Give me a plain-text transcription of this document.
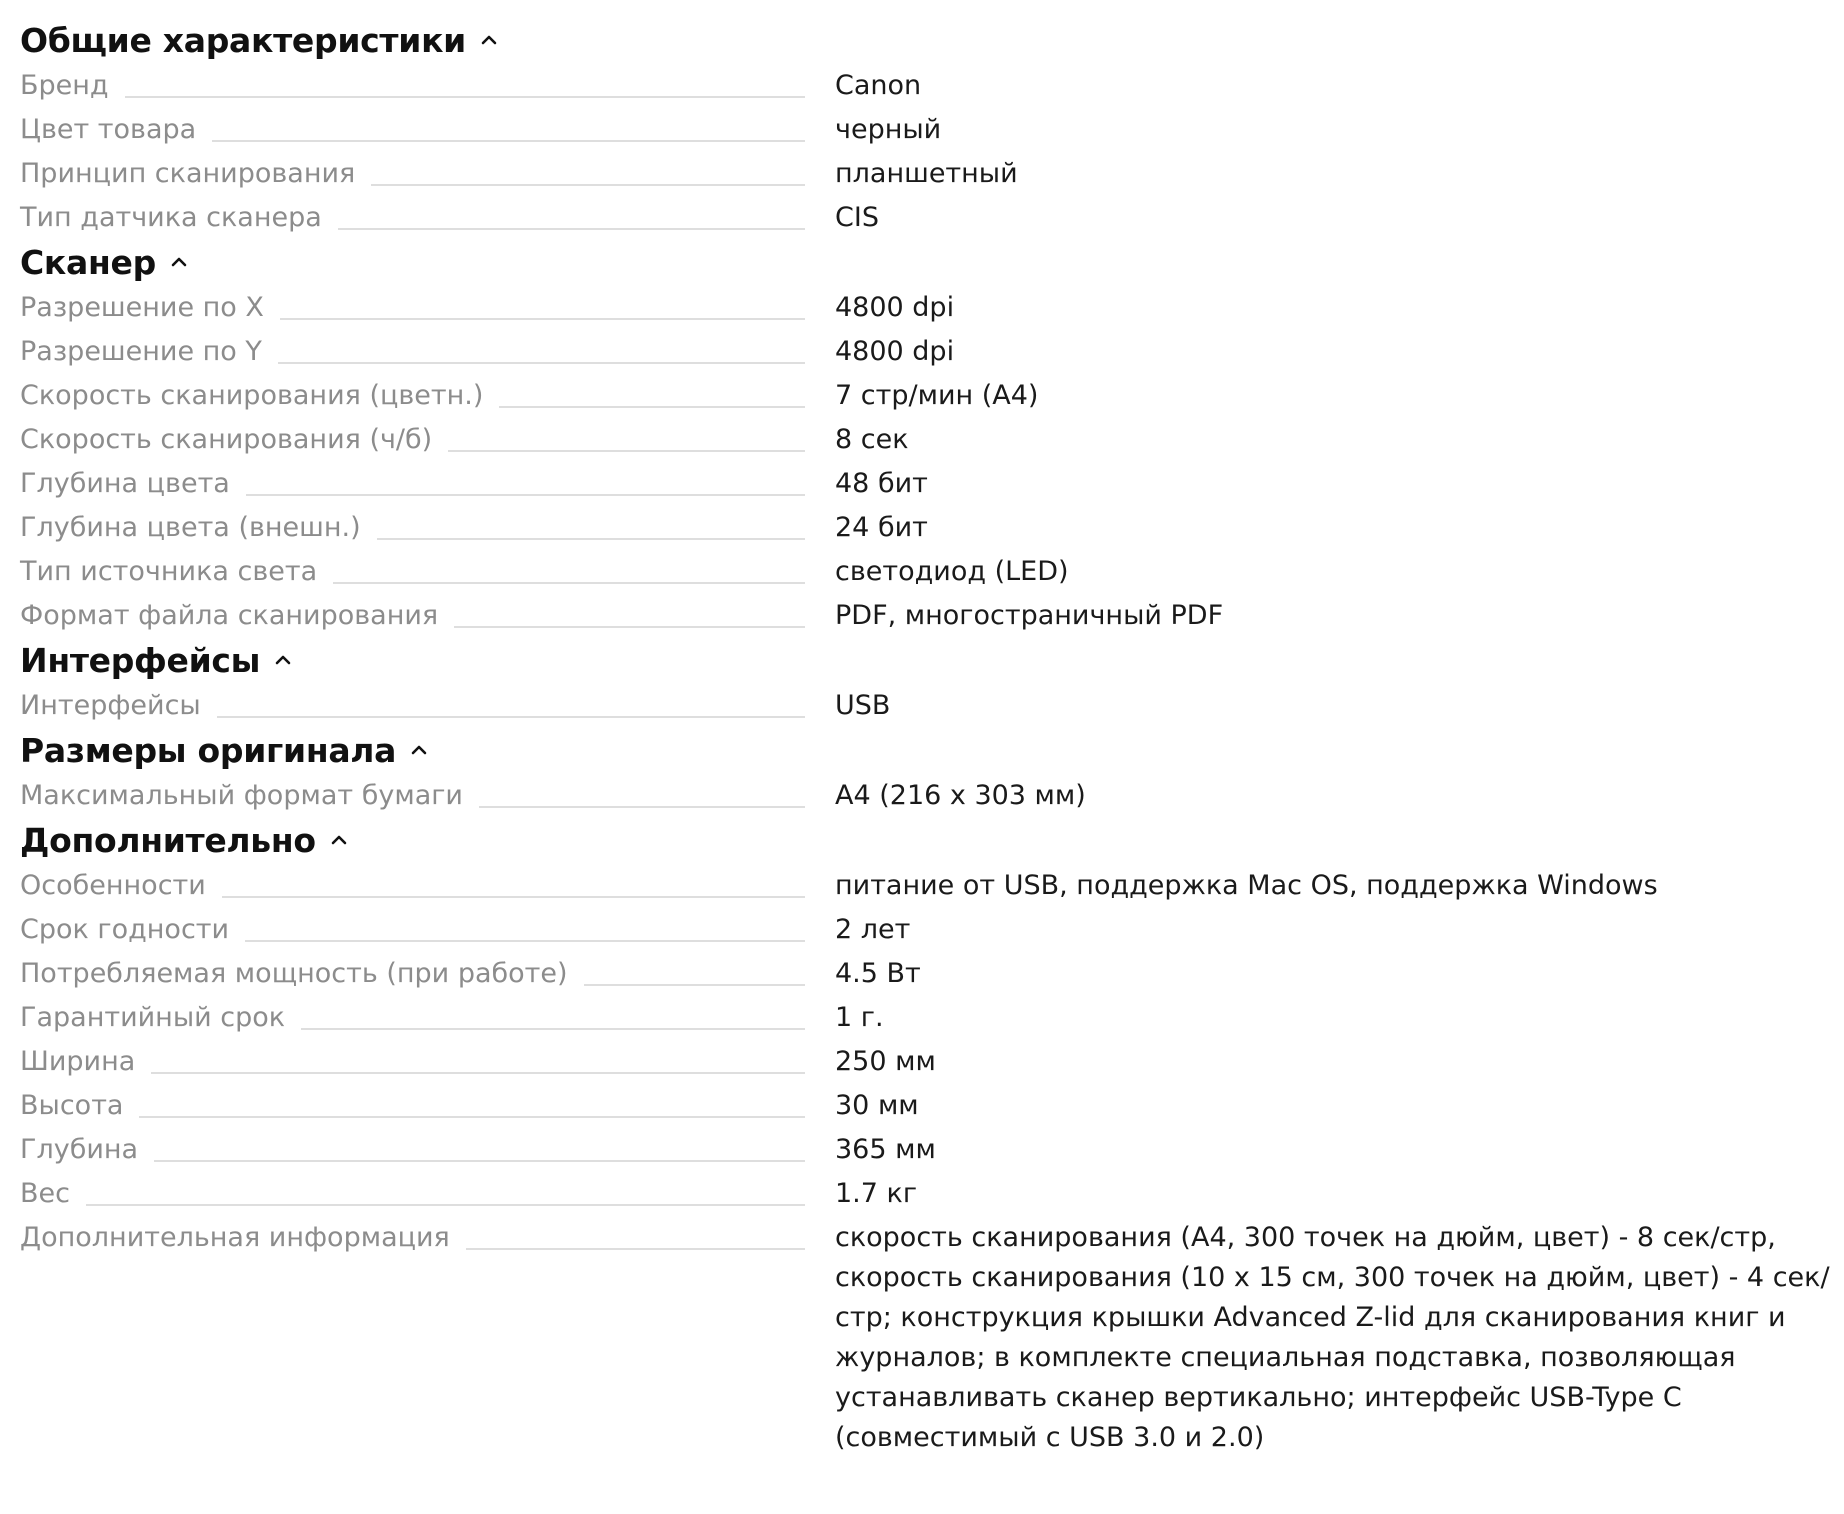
Общие характеристики
Бренд	Canon
Цвет товара	черный
Принцип сканирования	планшетный
Тип датчика сканера	CIS
Сканер
Разрешение по X	4800 dpi
Разрешение по Y	4800 dpi
Скорость сканирования (цветн.)	7 стр/мин (А4)
Скорость сканирования (ч/б)	8 сек
Глубина цвета	48 бит
Глубина цвета (внешн.)	24 бит
Тип источника света	светодиод (LED)
Формат файла сканирования	PDF, многостраничный PDF
Интерфейсы
Интерфейсы	USB
Размеры оригинала
Максимальный формат бумаги	A4 (216 x 303 мм)
Дополнительно
Особенности	питание от USB, поддержка Mac OS, поддержка Windows
Срок годности	2 лет
Потребляемая мощность (при работе)	4.5 Вт
Гарантийный срок	1 г.
Ширина	250 мм
Высота	30 мм
Глубина	365 мм
Вес	1.7 кг
Дополнительная информация	скорость сканирования (A4, 300 точек на дюйм, цвет) - 8 сек/стр, скорость сканирования (10 x 15 см, 300 точек на дюйм, цвет) - 4 сек/стр; конструкция крышки Advanced Z-lid для сканирования книг и журналов; в комплекте специальная подставка, позволяющая устанавливать сканер вертикально; интерфейс USB-Type C (совместимый с USB 3.0 и 2.0)
